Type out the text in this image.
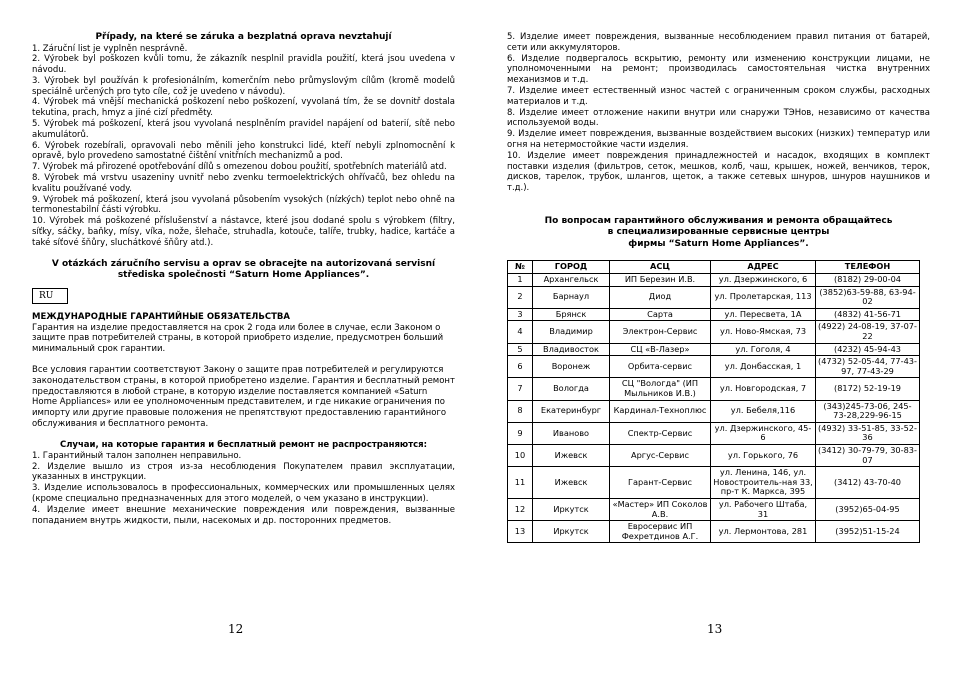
Případy, na které se záruka a bezplatná oprava nevztahují

1. Záruční list je vyplněn nesprávně.

2. Výrobek byl poškozen kvůli tomu, že zákazník nesplnil pravidla použití, která jsou uvedena v návodu.

3. Výrobek byl používán k profesionálním, komerčním nebo průmyslovým cílům (kromě modelů speciálně určených pro tyto cíle, což je uvedeno v návodu).

4. Výrobek má vnější mechanická poškození nebo poškození, vyvolaná tím, že se dovnitř dostala tekutina, prach, hmyz a jiné cizí předměty.

5. Výrobek má poškození, která jsou vyvolaná nesplněním pravidel napájení od baterií, sítě nebo akumulátorů.

6. Výrobek rozebírali, opravovali nebo měnili jeho konstrukci lidé, kteří nebyli zplnomocnění k opravě, bylo provedeno samostatné čištění vnitřních mechanizmů a pod.

7. Výrobek má přirozené opotřebování dílů s omezenou dobou použití, spotřebních materiálů atd.

8. Výrobek má vrstvu usazeniny uvnitř nebo zvenku termoelektrických ohřívačů, bez ohledu na kvalitu používané vody.

9. Výrobek má poškození, která jsou vyvolaná působením vysokých (nízkých) teplot nebo ohně na termonestabilní části výrobku.

10. Výrobek má poškozené příslušenství a nástavce, které jsou dodané spolu s výrobkem (filtry, síťky, sáčky, baňky, mísy, víka, nože, šlehače, struhadla, kotouče, talíře, trubky, hadice, kartáče a také síťové šňůry, sluchátkové šňůry atd.).

V otázkách záručního servisu a oprav se obracejte na autorizovaná servisní střediska společnosti “Saturn Home Appliances”.

RU

МЕЖДУНАРОДНЫЕ ГАРАНТИЙНЫЕ ОБЯЗАТЕЛЬСТВА

Гарантия на изделие предоставляется на срок 2 года или более в случае, если Законом о защите прав потребителей страны, в которой приобрето изделие, предусмотрен больший минимальный срок гарантии.

Все условия гарантии соответствуют Закону о защите прав потребителей и регулируются законодательством страны, в которой приобретено изделие. Гарантия и бесплатный ремонт предоставляются в любой стране, в которую изделие поставляется компанией «Saturn Home Appliances» или ее уполномоченным представителем, и где никакие ограничения по импорту или другие правовые положения не препятствуют предоставлению гарантийного обслуживания и бесплатного ремонта.

Случаи, на которые гарантия и бесплатный ремонт не распространяются:

1. Гарантийный талон заполнен неправильно.

2. Изделие вышло из строя из-за несоблюдения Покупателем правил эксплуатации, указанных в инструкции.

3. Изделие использовалось в профессиональных, коммерческих или промышленных целях (кроме специально предназначенных для этого моделей, о чем указано в инструкции).

4. Изделие имеет внешние механические повреждения или повреждения, вызванные попаданием внутрь жидкости, пыли, насекомых и др. посторонних предметов.

12

5. Изделие имеет повреждения, вызванные несоблюдением правил питания от батарей, сети или аккумуляторов.

6. Изделие подвергалось вскрытию, ремонту или изменению конструкции лицами, не уполномоченными на ремонт; производилась самостоятельная чистка внутренних механизмов и т.д.

7. Изделие имеет естественный износ частей с ограниченным сроком службы, расходных материалов и т.д.

8. Изделие имеет отложение накипи внутри или снаружи ТЭНов, независимо от качества используемой воды.

9. Изделие имеет повреждения, вызванные воздействием высоких (низких) температур или огня на нетермостойкие части изделия.

10. Изделие имеет повреждения принадлежностей и насадок, входящих в комплект поставки изделия (фильтров, сеток, мешков, колб, чаш, крышек, ножей, венчиков, терок, дисков, тарелок, трубок, шлангов, щеток, а также сетевых шнуров, шнуров наушников и т.д.).

По вопросам гарантийного обслуживания и ремонта обращайтесь

в специализированные сервисные центры

фирмы “Saturn Home Appliances”.

№	ГОРОД	АСЦ	АДРЕС	ТЕЛЕФОН
1	Архангельск	ИП Березин И.В.	ул. Дзержинского, 6	(8182) 29-00-04
2	Барнаул	Диод	ул. Пролетарская, 113	(3852)63-59-88, 63-94-02
3	Брянск	Сарта	ул. Пересвета, 1А	(4832) 41-56-71
4	Владимир	Электрон-Сервис	ул. Ново-Ямская, 73	(4922) 24-08-19, 37-07-22
5	Владивосток	СЦ «В-Лазер»	ул. Гоголя, 4	(4232) 45-94-43
6	Воронеж	Орбита-сервис	ул. Донбасская, 1	(4732) 52-05-44, 77-43-97, 77-43-29
7	Вологда	СЦ "Вологда" (ИП Мыльников И.В.)	ул. Новгородская, 7	(8172) 52-19-19
8	Екатеринбург	Кардинал-Техноплюс	ул. Бебеля,116	(343)245-73-06, 245-73-28,229-96-15
9	Иваново	Спектр-Сервис	ул. Дзержинского, 45-6	(4932) 33-51-85, 33-52-36
10	Ижевск	Аргус-Сервис	ул. Горького, 76	(3412) 30-79-79, 30-83-07
11	Ижевск	Гарант-Сервис	ул. Ленина, 146, ул. Новостроитель-ная 33, пр-т К. Маркса, 395	(3412) 43-70-40
12	Иркутск	«Мастер» ИП Соколов А.В.	ул. Рабочего Штаба, 31	(3952)65-04-95
13	Иркутск	Евросервис ИП Фехретдинов А.Г.	ул. Лермонтова, 281	(3952)51-15-24
13
